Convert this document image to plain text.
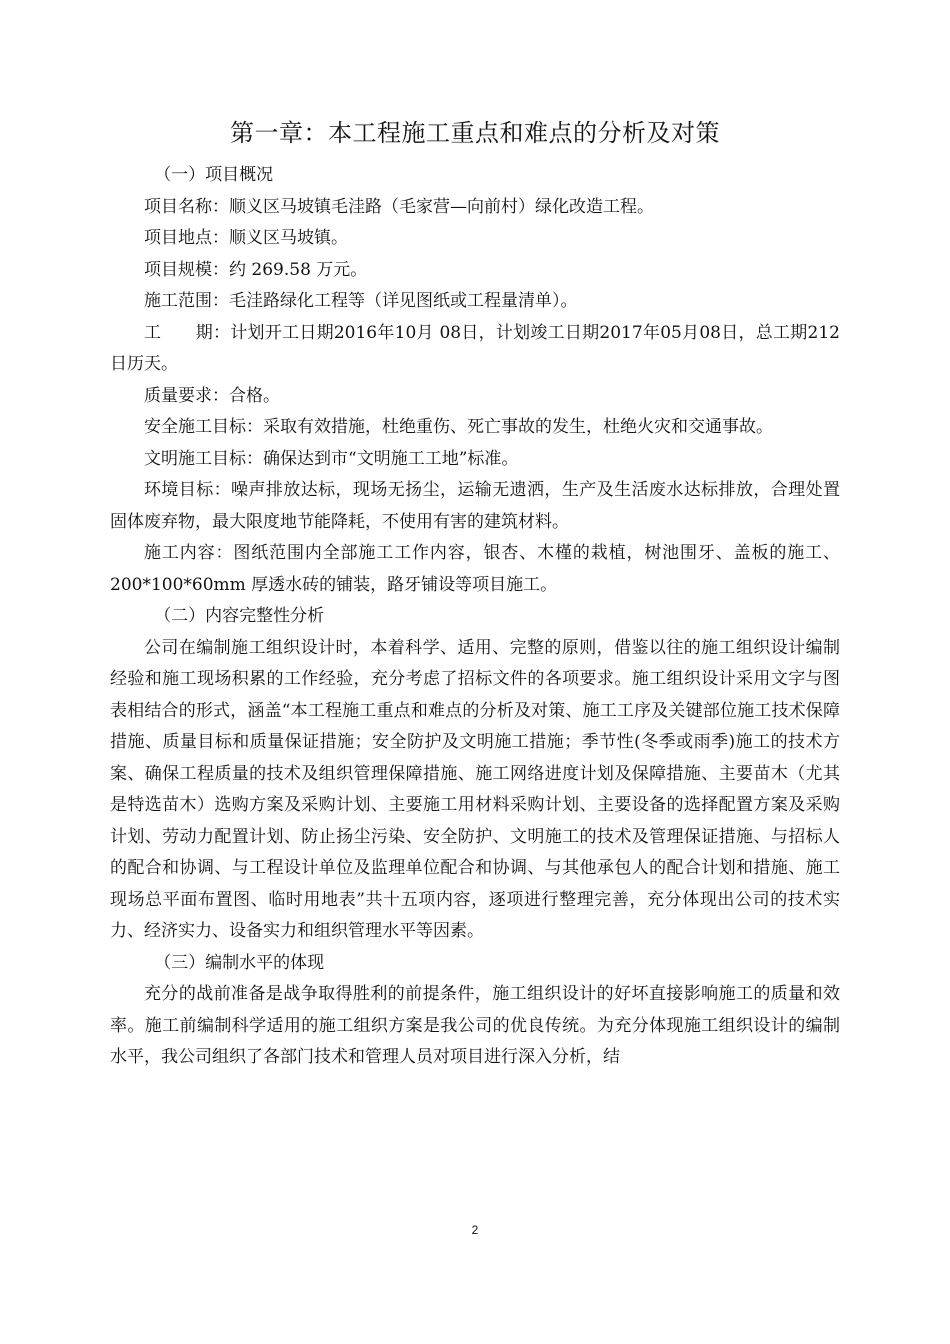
第一章：本工程施工重点和难点的分析及对策

（一）项目概况

项目名称：顺义区马坡镇毛洼路（毛家营—向前村）绿化改造工程。

项目地点：顺义区马坡镇。

项目规模：约 269.58 万元。

施工范围：毛洼路绿化工程等（详见图纸或工程量清单）。

工　　期：计划开工日期2016年10月 08日，计划竣工日期2017年05月08日，总工期212 日历天。

质量要求：合格。

安全施工目标：采取有效措施，杜绝重伤、死亡事故的发生，杜绝火灾和交通事故。

文明施工目标：确保达到市“文明施工工地”标准。

环境目标：噪声排放达标，现场无扬尘，运输无遗洒，生产及生活废水达标排放，合理处置固体废弃物，最大限度地节能降耗，不使用有害的建筑材料。

施工内容：图纸范围内全部施工工作内容，银杏、木槿的栽植，树池围牙、盖板的施工、200*100*60mm 厚透水砖的铺装，路牙铺设等项目施工。

（二）内容完整性分析

公司在编制施工组织设计时，本着科学、适用、完整的原则，借鉴以往的施工组织设计编制经验和施工现场积累的工作经验，充分考虑了招标文件的各项要求。施工组织设计采用文字与图表相结合的形式，涵盖“本工程施工重点和难点的分析及对策、施工工序及关键部位施工技术保障措施、质量目标和质量保证措施；安全防护及文明施工措施；季节性(冬季或雨季)施工的技术方案、确保工程质量的技术及组织管理保障措施、施工网络进度计划及保障措施、主要苗木（尤其是特选苗木）选购方案及采购计划、主要施工用材料采购计划、主要设备的选择配置方案及采购计划、劳动力配置计划、防止扬尘污染、安全防护、文明施工的技术及管理保证措施、与招标人的配合和协调、与工程设计单位及监理单位配合和协调、与其他承包人的配合计划和措施、施工现场总平面布置图、临时用地表”共十五项内容，逐项进行整理完善，充分体现出公司的技术实力、经济实力、设备实力和组织管理水平等因素。

（三）编制水平的体现

充分的战前准备是战争取得胜利的前提条件，施工组织设计的好坏直接影响施工的质量和效率。施工前编制科学适用的施工组织方案是我公司的优良传统。为充分体现施工组织设计的编制水平，我公司组织了各部门技术和管理人员对项目进行深入分析，结

2
